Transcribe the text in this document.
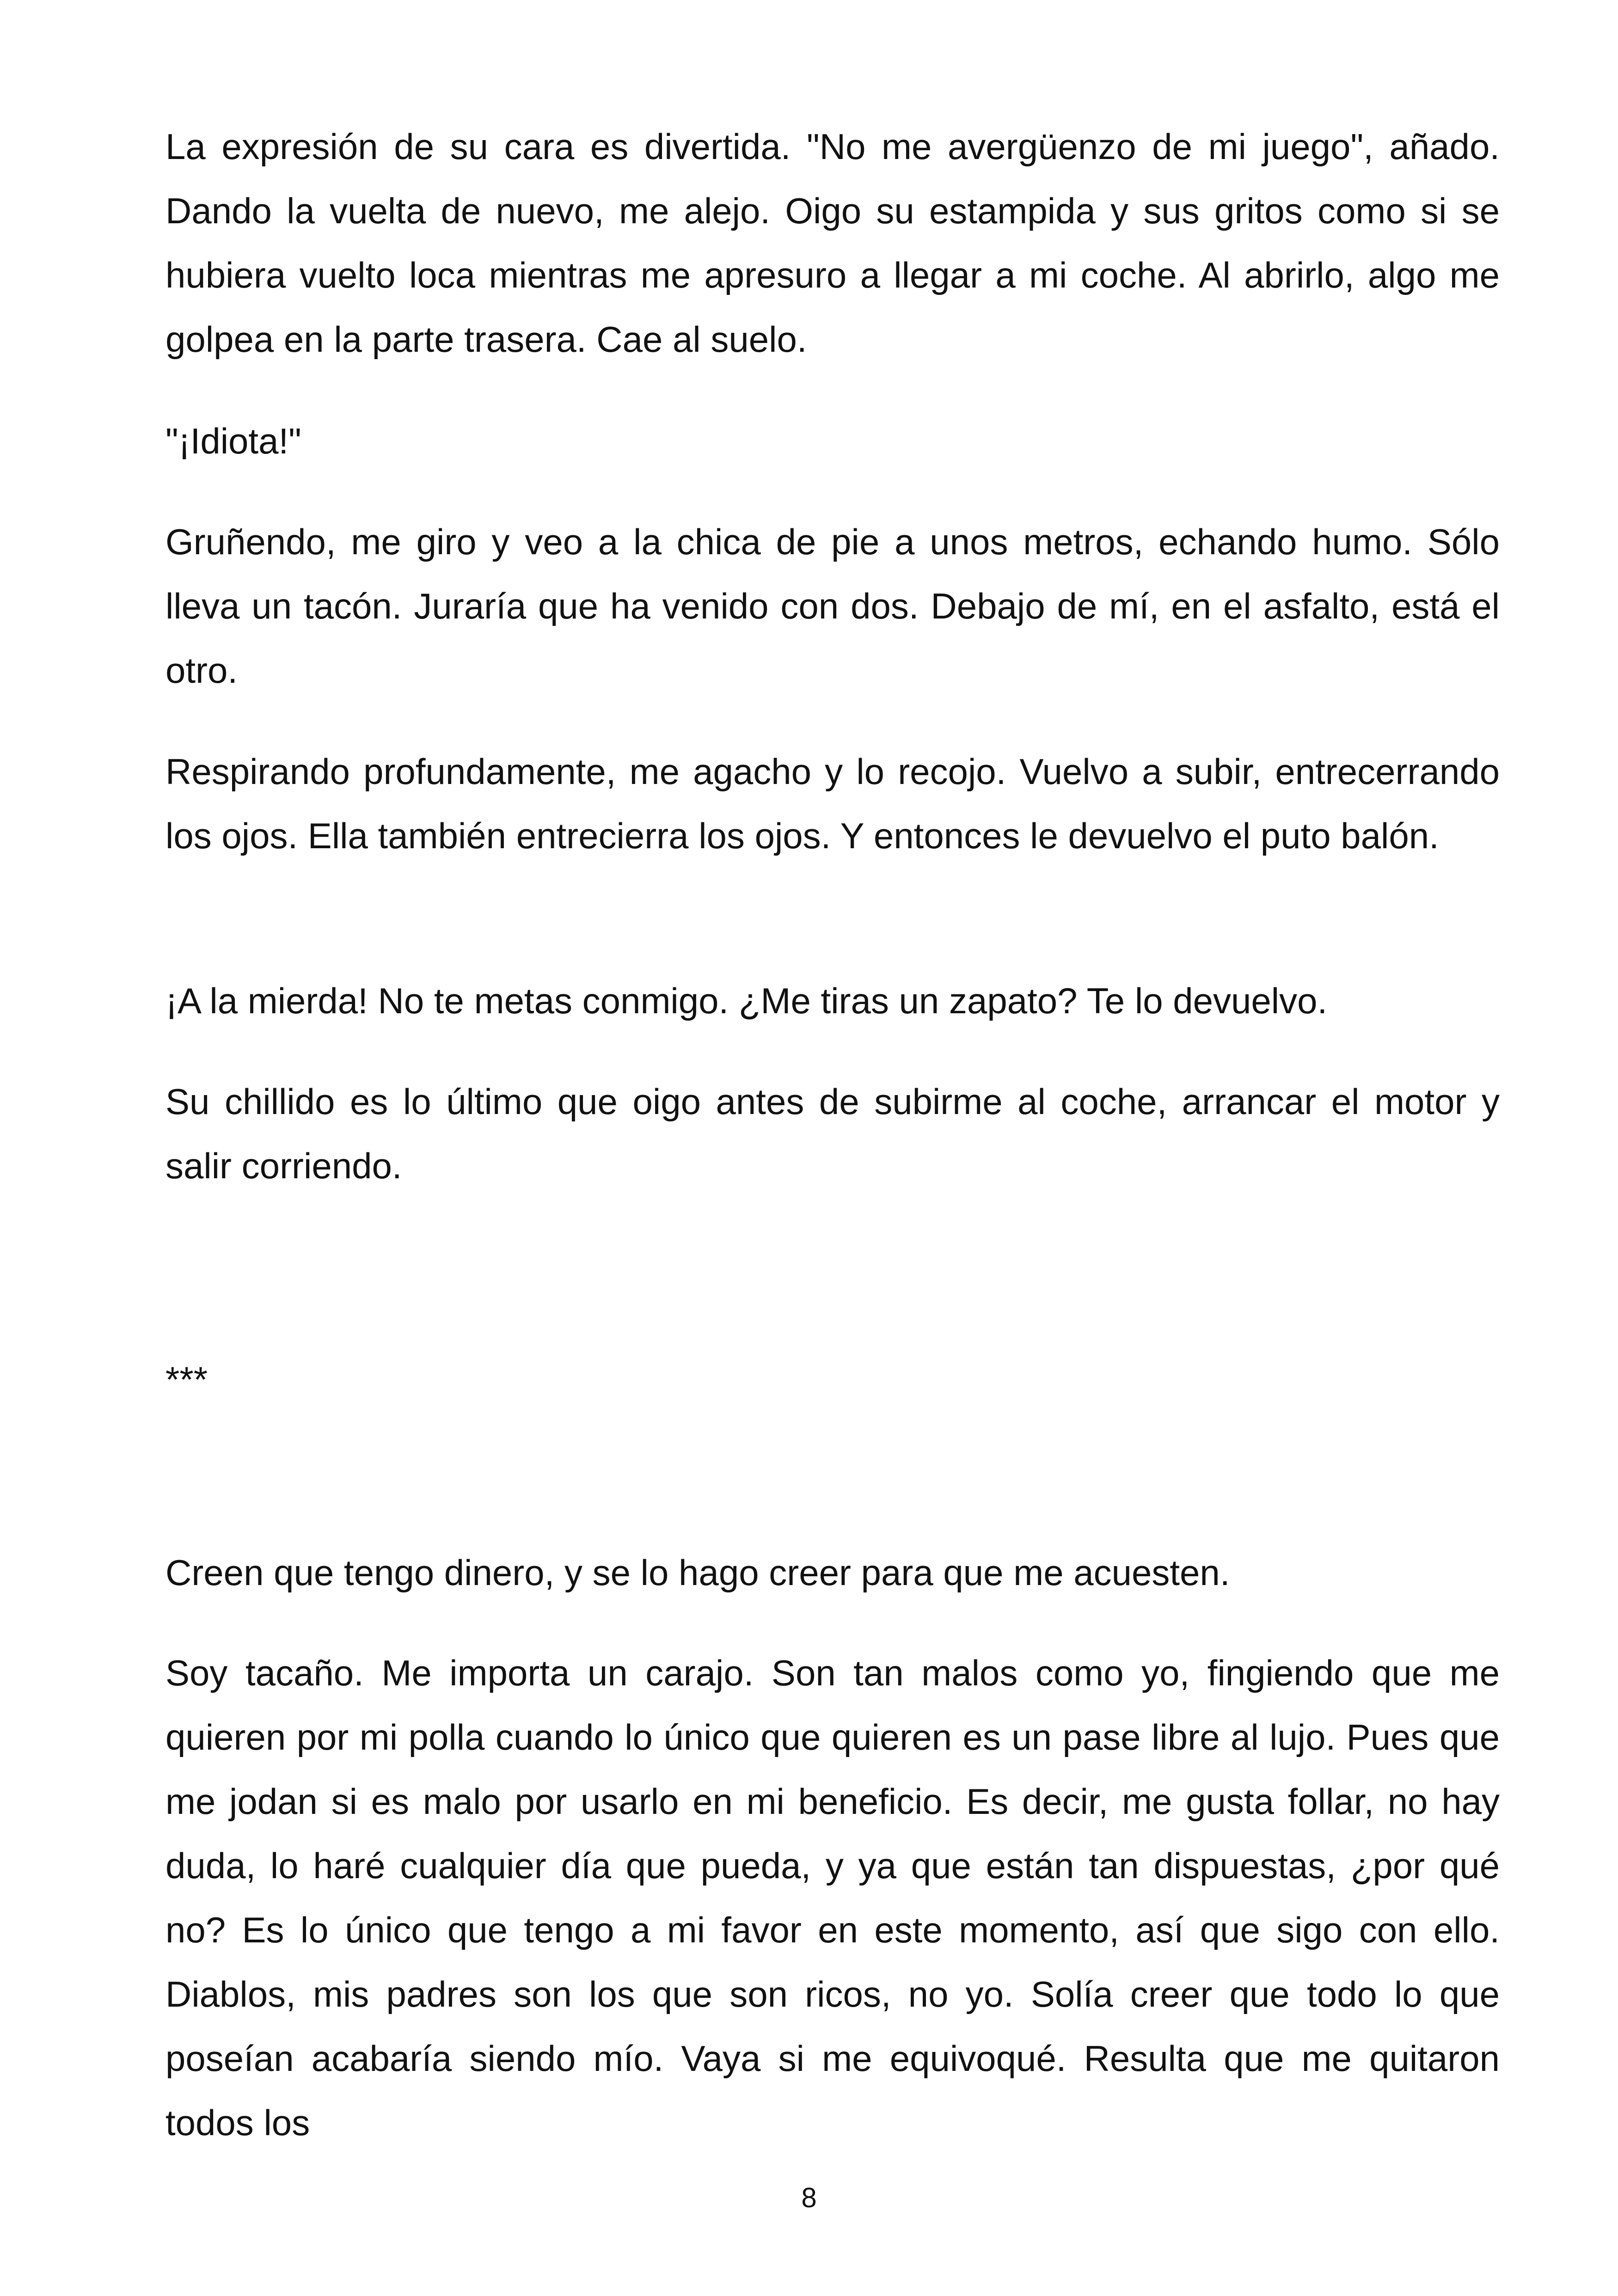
La expresión de su cara es divertida. "No me avergüenzo de mi juego", añado. Dando la vuelta de nuevo, me alejo. Oigo su estampida y sus gritos como si se hubiera vuelto loca mientras me apresuro a llegar a mi coche. Al abrirlo, algo me golpea en la parte trasera. Cae al suelo.

"¡Idiota!"

Gruñendo, me giro y veo a la chica de pie a unos metros, echando humo. Sólo lleva un tacón. Juraría que ha venido con dos. Debajo de mí, en el asfalto, está el otro.

Respirando profundamente, me agacho y lo recojo. Vuelvo a subir, entrecerrando los ojos. Ella también entrecierra los ojos. Y entonces le devuelvo el puto balón.

¡A la mierda! No te metas conmigo. ¿Me tiras un zapato? Te lo devuelvo.

Su chillido es lo último que oigo antes de subirme al coche, arrancar el motor y salir corriendo.

***

Creen que tengo dinero, y se lo hago creer para que me acuesten.

Soy tacaño. Me importa un carajo. Son tan malos como yo, fingiendo que me quieren por mi polla cuando lo único que quieren es un pase libre al lujo. Pues que me jodan si es malo por usarlo en mi beneficio. Es decir, me gusta follar, no hay duda, lo haré cualquier día que pueda, y ya que están tan dispuestas, ¿por qué no? Es lo único que tengo a mi favor en este momento, así que sigo con ello. Diablos, mis padres son los que son ricos, no yo. Solía creer que todo lo que poseían acabaría siendo mío. Vaya si me equivoqué. Resulta que me quitaron todos los

8
